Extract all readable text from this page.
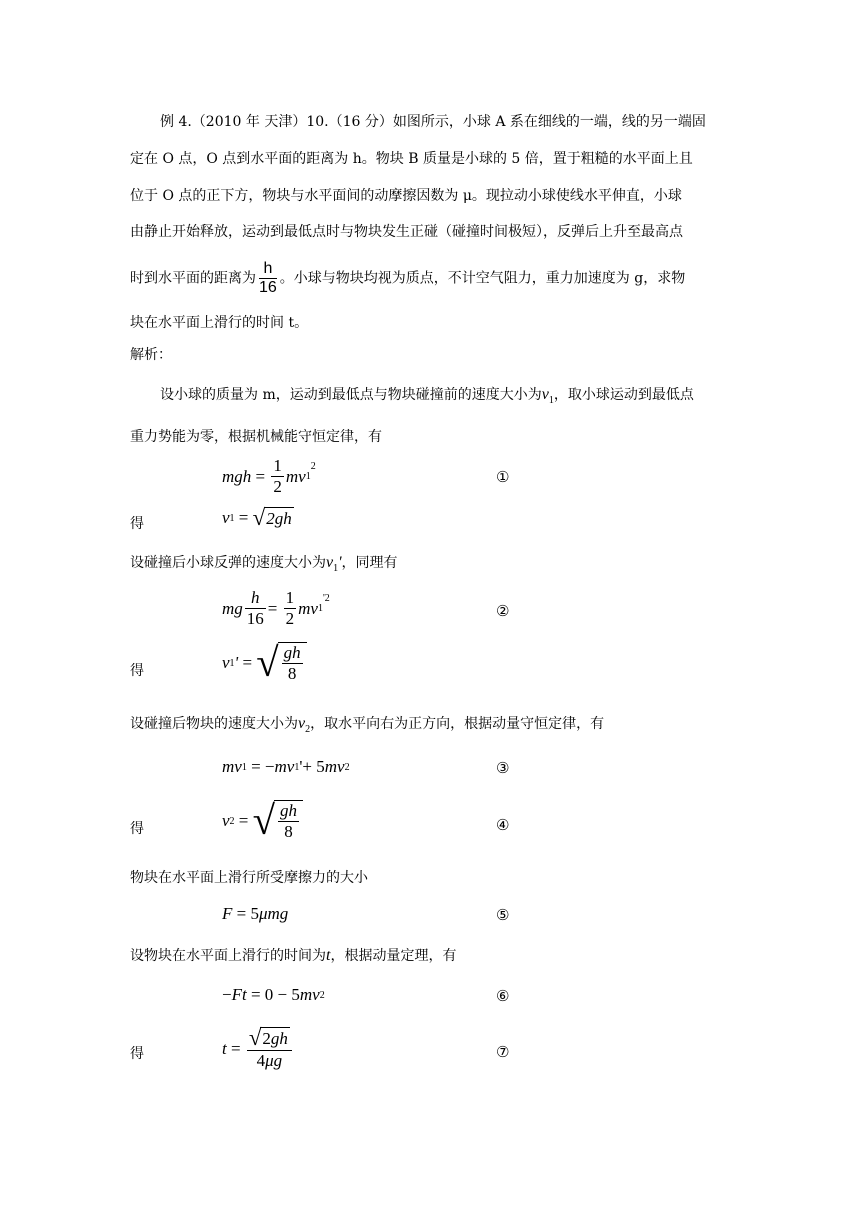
例 4.（2010 年 天津）10.（16 分）如图所示，小球 A 系在细线的一端，线的另一端固
定在 O 点，O 点到水平面的距离为 h。物块 B 质量是小球的 5 倍，置于粗糙的水平面上且
位于 O 点的正下方，物块与水平面间的动摩擦因数为 μ。现拉动小球使线水平伸直，小球
由静止开始释放，运动到最低点时与物块发生正碰（碰撞时间极短），反弹后上升至最高点
时到水平面的距离为 $\frac{h}{16}$ 。小球与物块均视为质点，不计空气阻力，重力加速度为 g，求物
块在水平面上滑行的时间 t。
解析：
设小球的质量为 m，运动到最低点与物块碰撞前的速度大小为$v_1$，取小球运动到最低点
重力势能为零，根据机械能守恒定律，有
mgh =
$\frac{1}{2}$ mv 1
$^2$
①
得	v 1
=
√ 2gh
设碰撞后小球反弹的速度大小为$v_1'$，同理有
mg $\frac{h}{16}$ =
$\frac{1}{2}$ mv 1
$^{'2}$
②
得	v 1 ' =
√ $\frac{gh}{8}$
设碰撞后物块的速度大小为$v_2$，取水平向右为正方向，根据动量守恒定律，有
mv 1
=
− mv 1 '+
5 mv 2	③
得	v 2
=
√ $\frac{gh}{8}$	④
物块在水平面上滑行所受摩擦力的大小
F =
5 μmg	⑤
设物块在水平面上滑行的时间为t，根据动量定理，有
− Ft =
0
−
5 mv 2	⑥
得	t =
$\frac{√ 2 gh}{4\mu g}$	⑦
